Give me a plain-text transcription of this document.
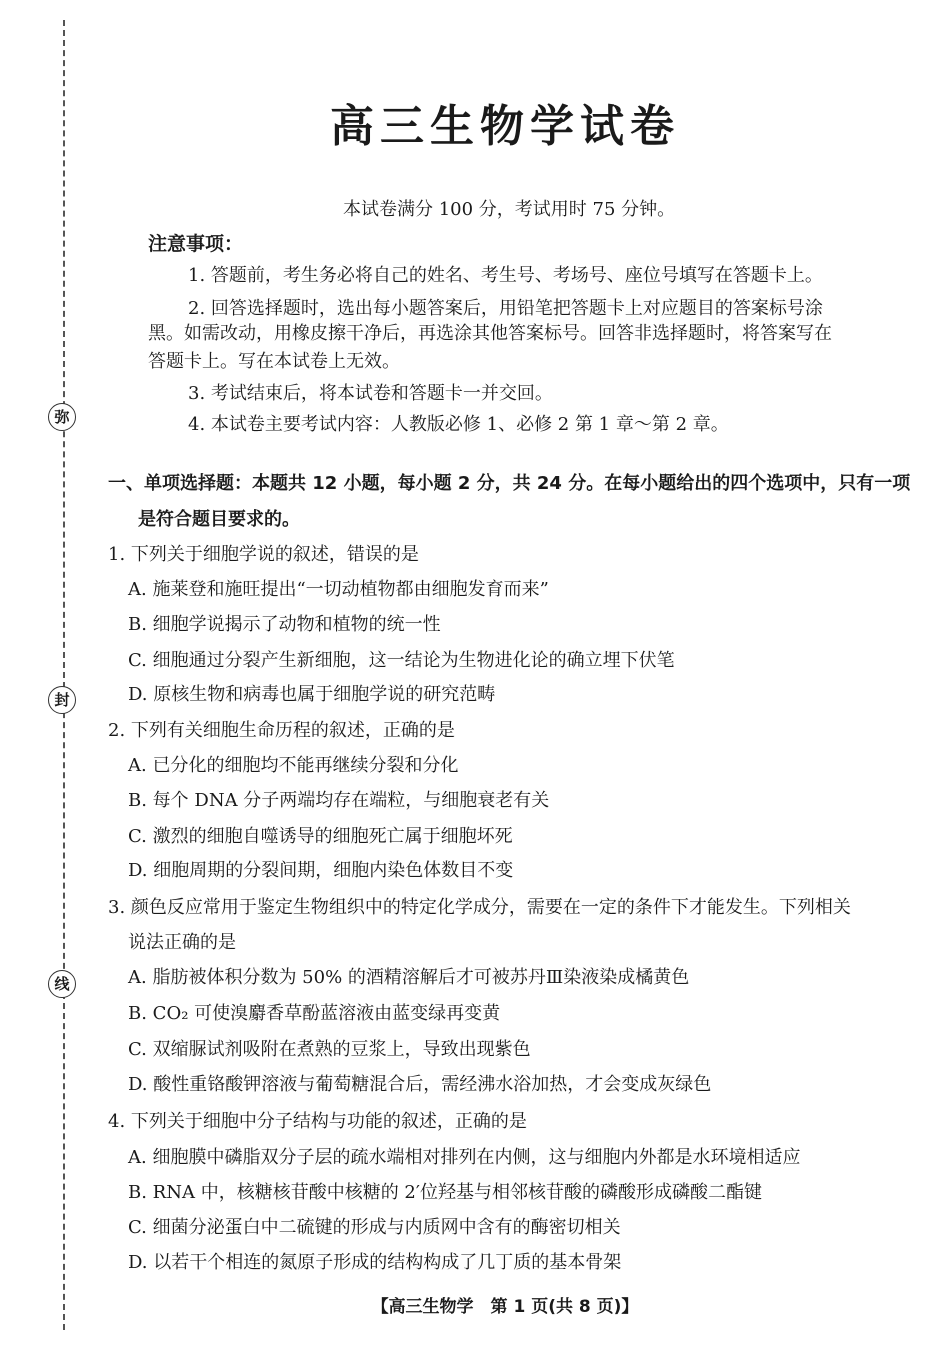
弥
封
线
高三生物学试卷
本试卷满分 100 分，考试用时 75 分钟。
注意事项：
1. 答题前，考生务必将自己的姓名、考生号、考场号、座位号填写在答题卡上。
2. 回答选择题时，选出每小题答案后，用铅笔把答题卡上对应题目的答案标号涂
黑。如需改动，用橡皮擦干净后，再选涂其他答案标号。回答非选择题时，将答案写在
答题卡上。写在本试卷上无效。
3. 考试结束后，将本试卷和答题卡一并交回。
4. 本试卷主要考试内容：人教版必修 1、必修 2 第 1 章～第 2 章。
一、单项选择题：本题共 12 小题，每小题 2 分，共 24 分。在每小题给出的四个选项中，只有一项
是符合题目要求的。
1. 下列关于细胞学说的叙述，错误的是
A. 施莱登和施旺提出“一切动植物都由细胞发育而来”
B. 细胞学说揭示了动物和植物的统一性
C. 细胞通过分裂产生新细胞，这一结论为生物进化论的确立埋下伏笔
D. 原核生物和病毒也属于细胞学说的研究范畴
2. 下列有关细胞生命历程的叙述，正确的是
A. 已分化的细胞均不能再继续分裂和分化
B. 每个 DNA 分子两端均存在端粒，与细胞衰老有关
C. 激烈的细胞自噬诱导的细胞死亡属于细胞坏死
D. 细胞周期的分裂间期，细胞内染色体数目不变
3. 颜色反应常用于鉴定生物组织中的特定化学成分，需要在一定的条件下才能发生。下列相关
说法正确的是
A. 脂肪被体积分数为 50% 的酒精溶解后才可被苏丹Ⅲ染液染成橘黄色
B. CO₂ 可使溴麝香草酚蓝溶液由蓝变绿再变黄
C. 双缩脲试剂吸附在煮熟的豆浆上，导致出现紫色
D. 酸性重铬酸钾溶液与葡萄糖混合后，需经沸水浴加热，才会变成灰绿色
4. 下列关于细胞中分子结构与功能的叙述，正确的是
A. 细胞膜中磷脂双分子层的疏水端相对排列在内侧，这与细胞内外都是水环境相适应
B. RNA 中，核糖核苷酸中核糖的 2′位羟基与相邻核苷酸的磷酸形成磷酸二酯键
C. 细菌分泌蛋白中二硫键的形成与内质网中含有的酶密切相关
D. 以若干个相连的氮原子形成的结构构成了几丁质的基本骨架
【高三生物学　第 1 页(共 8 页)】
